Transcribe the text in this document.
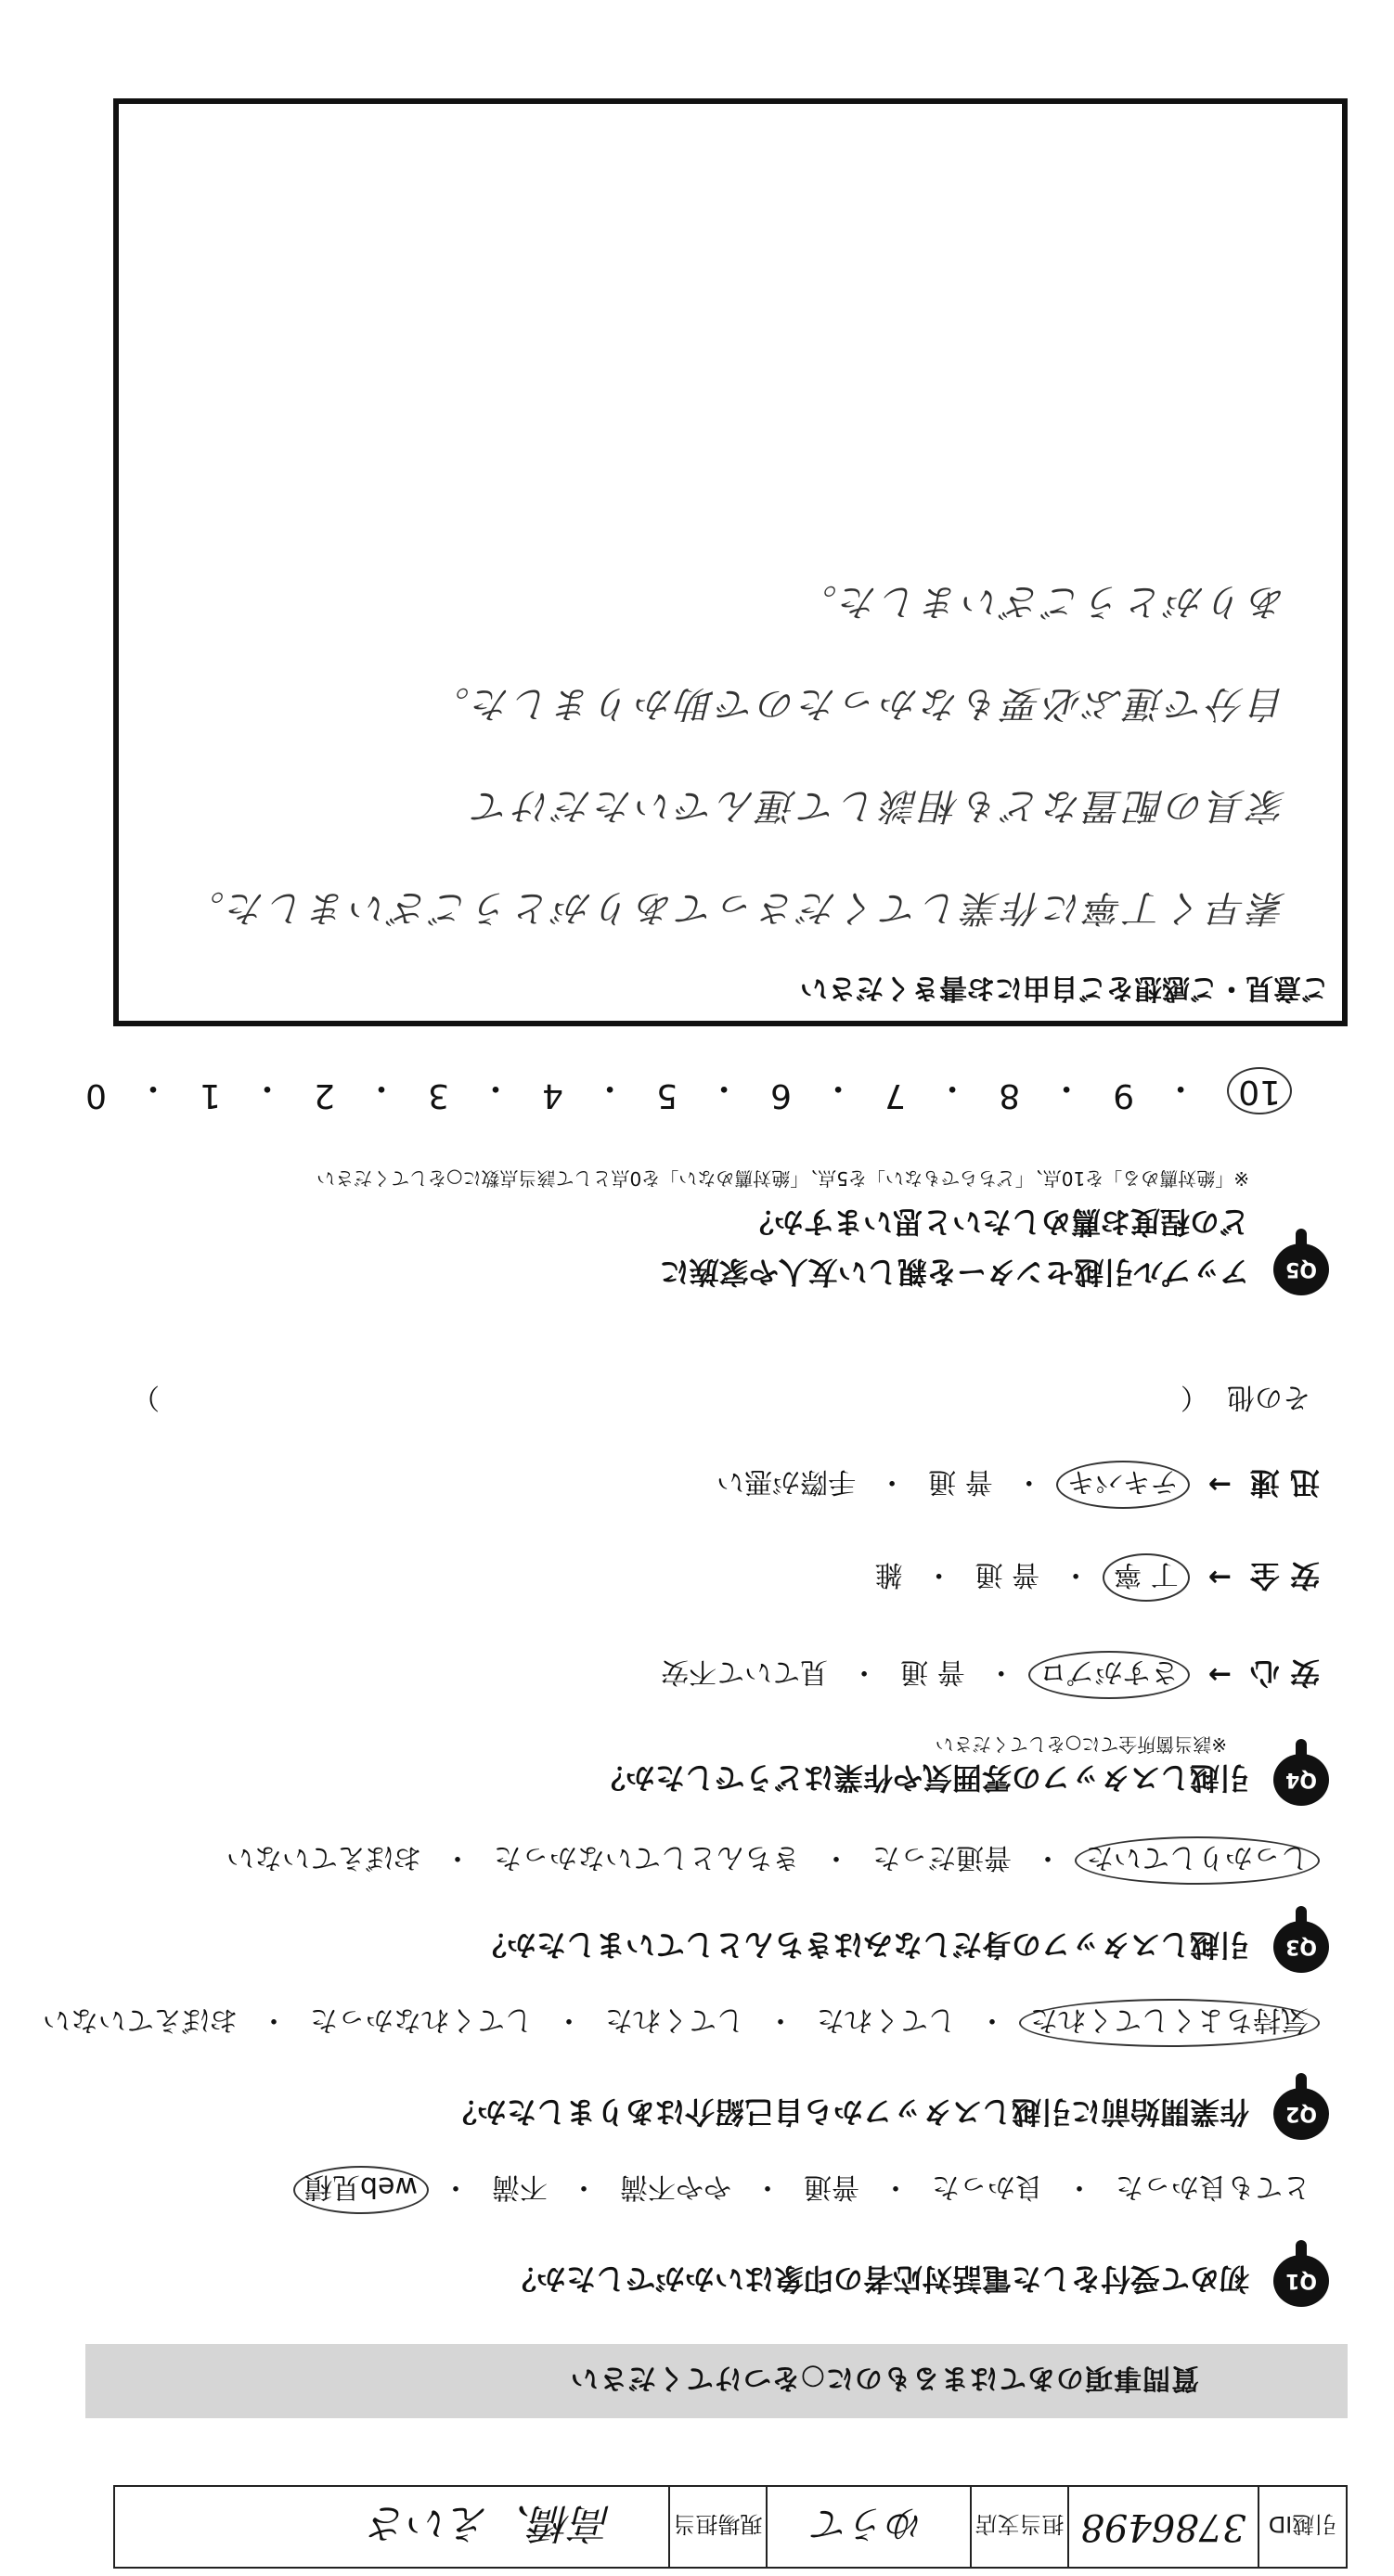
引越ID
3786498
担当支店
ゆうて
現場担当
高橋、えいさ
質問事項のあてはまるものに○をつけてください
Q1
初めて受付をした電話対応者の印象はいかがでしたか？
とても良かった
・
良かった
・
普通
・
やや不満
・
不満
・
web見積
Q2
作業開始前に引越しスタッフから自己紹介はありましたか？
気持ちよくしてくれた
・
してくれた
・
してくれた
・
してくれなかった
・
おぼえていない
Q3
引越しスタッフの身だしなみはきちんとしていましたか？
しっかりしていた
・
普通だった
・
きちんとしていなかった
・
おぼえていない
Q4
引越しスタッフの雰囲気や作業はどうでしたか？
※該当箇所全てに○をしてください
安 心
→
さすがプロ
・
普 通
・
見ていて不安
安 全
→
丁 寧
・
普 通
・
雑
迅 速
→
テキパキ
・
普 通
・
手際が悪い
その他
（
）
Q5
アップル引越センターを親しい友人や家族に
どの程度お薦めしたいと思いますか？
※「絶対薦める」を10点、「どちらでもない」を5点、「絶対薦めない」を0点として該当点数に○をしてください
10
・
9
・
8
・
7
・
6
・
5
・
4
・
3
・
2
・
1
・
0
ご意見・ご感想をご自由にお書きください
素早く丁寧に作業してくださってありがとうございました。
家具の配置なども相談して運んでいただけて
自分で運ぶ必要もなかったので助かりました。
ありがとうございました。
